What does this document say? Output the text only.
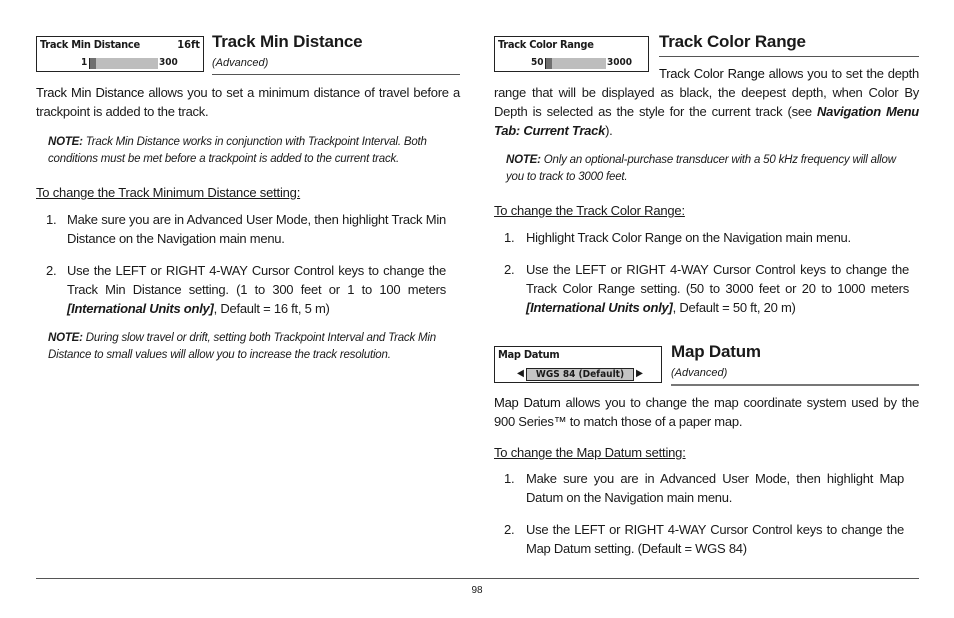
Track Min Distance	16ft
1	300
Track Min Distance
(Advanced)
Track Min Distance allows you to set a minimum distance of travel before a trackpoint is added to the track.
NOTE: Track Min Distance works in conjunction with Trackpoint Interval. Both conditions must be met before a trackpoint is added to the current track.
To change the Track Minimum Distance setting:
1. Make sure you are in Advanced User Mode, then highlight Track Min Distance on the Navigation main menu.
2. Use the LEFT or RIGHT 4-WAY Cursor Control keys to change the Track Min Distance setting. (1 to 300 feet or 1 to 100 meters [International Units only], Default = 16 ft, 5 m)
NOTE: During slow travel or drift, setting both Trackpoint Interval and Track Min Distance to small values will allow you to increase the track resolution.
Track Color Range
50	3000
Track Color Range
Track Color Range allows you to set the depth range that will be displayed as black, the deepest depth, when Color By Depth is selected as the style for the current track (see Navigation Menu Tab: Current Track).
NOTE: Only an optional-purchase transducer with a 50 kHz frequency will allow you to track to 3000 feet.
To change the Track Color Range:
1. Highlight Track Color Range on the Navigation main menu.
2. Use the LEFT or RIGHT 4-WAY Cursor Control keys to change the Track Color Range setting. (50 to 3000 feet or 20 to 1000 meters [International Units only], Default = 50 ft, 20 m)
Map Datum
◀	WGS 84 (Default)	▶
Map Datum
(Advanced)
Map Datum allows you to change the map coordinate system used by the 900 Series™ to match those of a paper map.
To change the Map Datum setting:
1. Make sure you are in Advanced User Mode, then highlight Map Datum on the Navigation main menu.
2. Use the LEFT or RIGHT 4-WAY Cursor Control keys to change the Map Datum setting. (Default = WGS 84)
98
